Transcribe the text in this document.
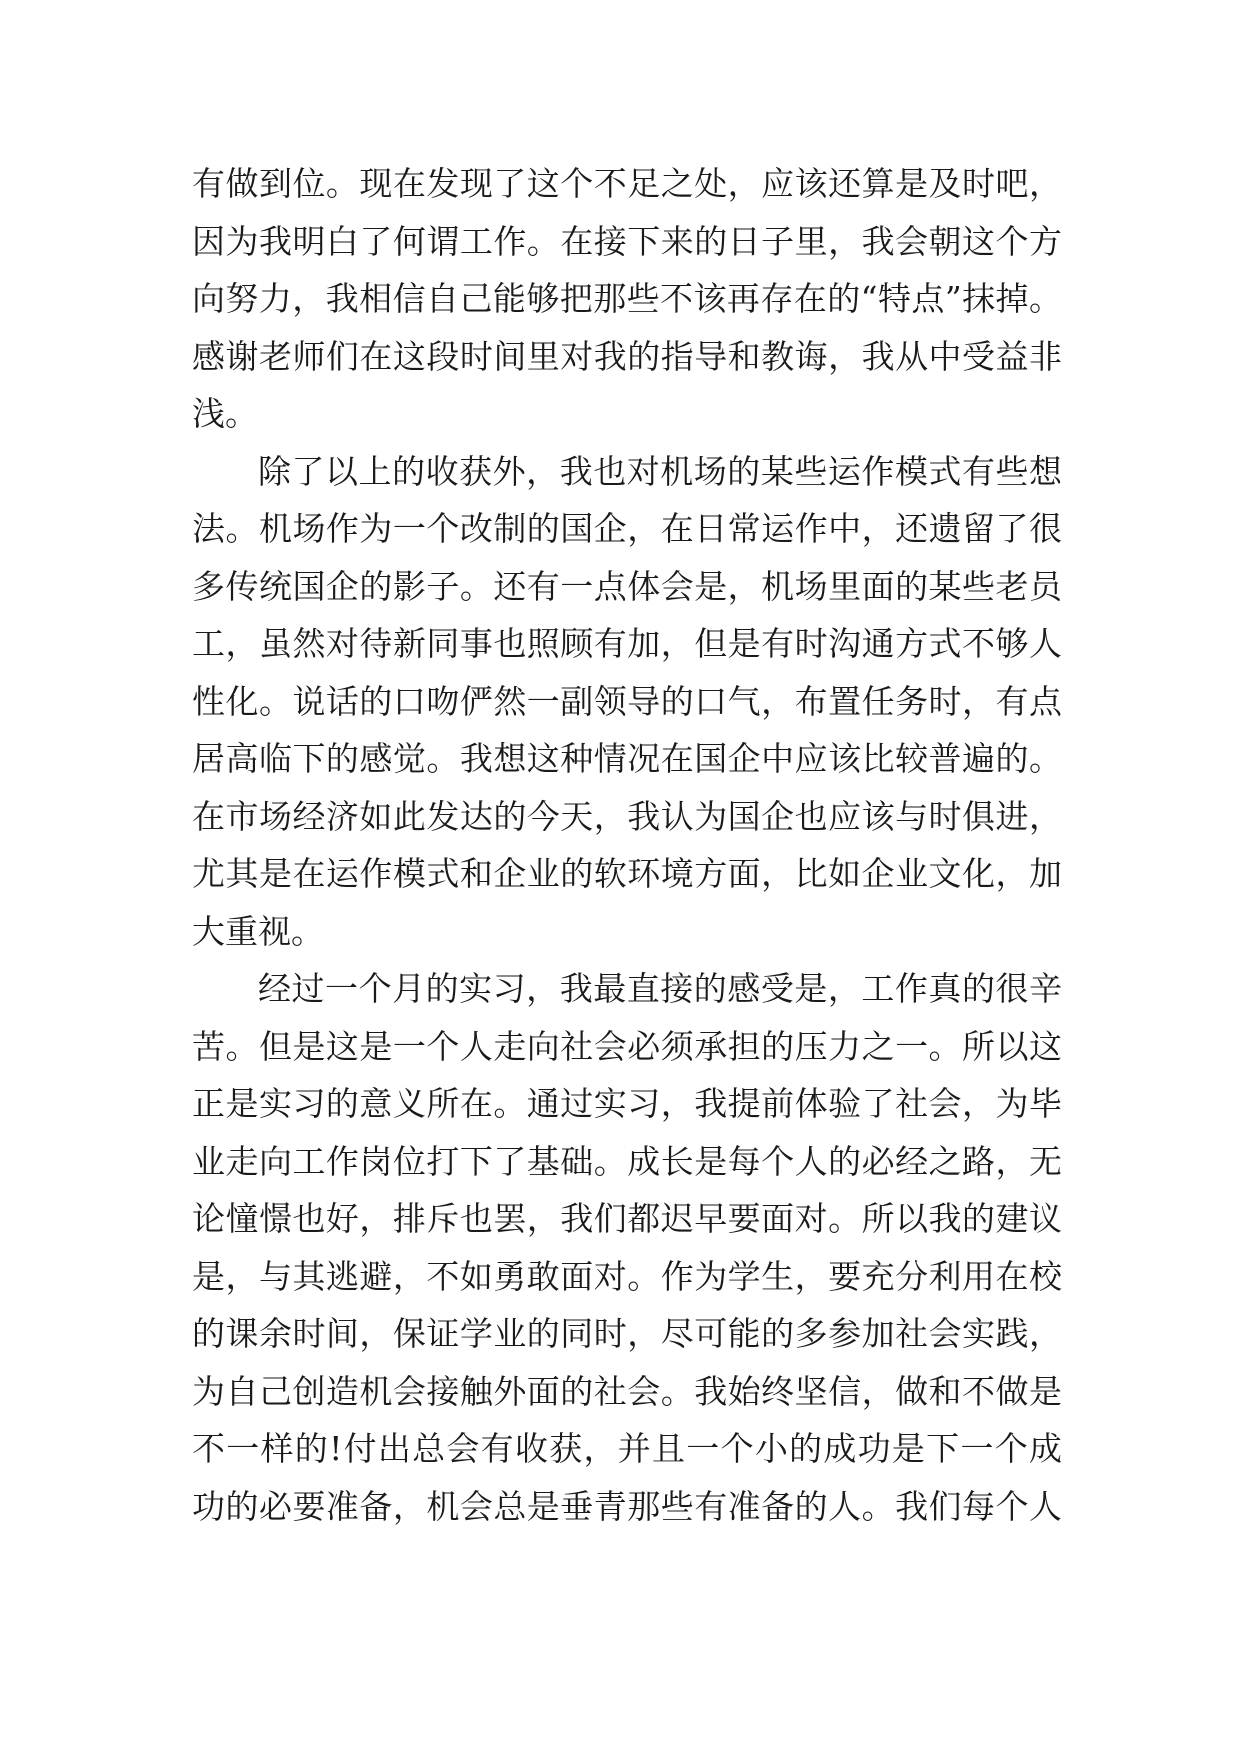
有做到位。现在发现了这个不足之处，应该还算是及时吧，
因为我明白了何谓工作。在接下来的日子里，我会朝这个方
向努力，我相信自己能够把那些不该再存在的“特点”抹掉。
感谢老师们在这段时间里对我的指导和教诲，我从中受益非
浅。
除了以上的收获外，我也对机场的某些运作模式有些想
法。机场作为一个改制的国企，在日常运作中，还遗留了很
多传统国企的影子。还有一点体会是，机场里面的某些老员
工，虽然对待新同事也照顾有加，但是有时沟通方式不够人
性化。说话的口吻俨然一副领导的口气，布置任务时，有点
居高临下的感觉。我想这种情况在国企中应该比较普遍的。
在市场经济如此发达的今天，我认为国企也应该与时俱进，
尤其是在运作模式和企业的软环境方面，比如企业文化，加
大重视。
经过一个月的实习，我最直接的感受是，工作真的很辛
苦。但是这是一个人走向社会必须承担的压力之一。所以这
正是实习的意义所在。通过实习，我提前体验了社会，为毕
业走向工作岗位打下了基础。成长是每个人的必经之路，无
论憧憬也好，排斥也罢，我们都迟早要面对。所以我的建议
是，与其逃避，不如勇敢面对。作为学生，要充分利用在校
的课余时间，保证学业的同时，尽可能的多参加社会实践，
为自己创造机会接触外面的社会。我始终坚信，做和不做是
不一样的!付出总会有收获，并且一个小的成功是下一个成
功的必要准备，机会总是垂青那些有准备的人。我们每个人
